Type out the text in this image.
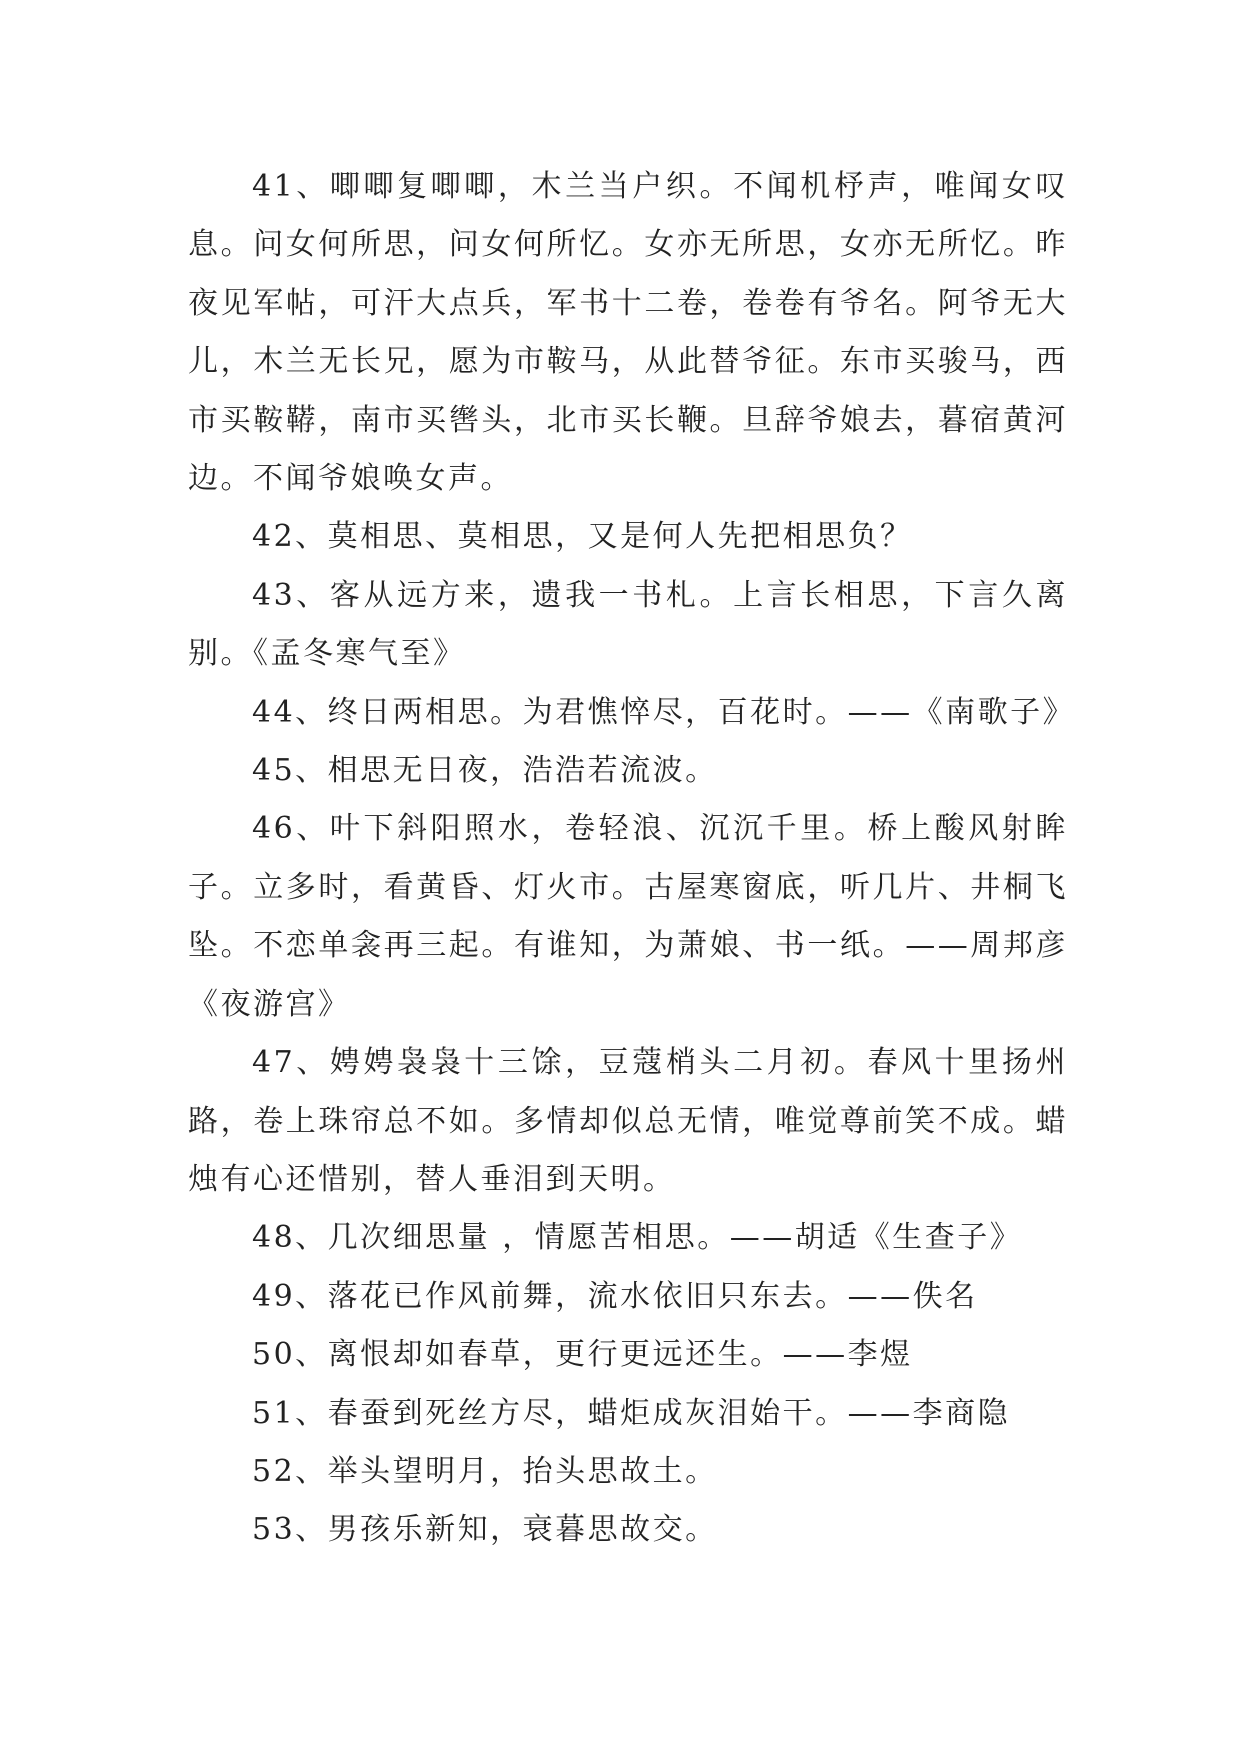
41、唧唧复唧唧，木兰当户织。不闻机杼声，唯闻女叹息。问女何所思，问女何所忆。女亦无所思，女亦无所忆。昨夜见军帖，可汗大点兵，军书十二卷，卷卷有爷名。阿爷无大儿，木兰无长兄，愿为市鞍马，从此替爷征。东市买骏马，西市买鞍鞯，南市买辔头，北市买长鞭。旦辞爷娘去，暮宿黄河边。不闻爷娘唤女声。

42、莫相思、莫相思，又是何人先把相思负？

43、客从远方来，遗我一书札。上言长相思，下言久离别。《孟冬寒气至》

44、终日两相思。为君憔悴尽，百花时。——《南歌子》

45、相思无日夜，浩浩若流波。

46、叶下斜阳照水，卷轻浪、沉沉千里。桥上酸风射眸子。立多时，看黄昏、灯火市。古屋寒窗底，听几片、井桐飞坠。不恋单衾再三起。有谁知，为萧娘、书一纸。——周邦彦《夜游宫》

47、娉娉袅袅十三馀，豆蔻梢头二月初。春风十里扬州路，卷上珠帘总不如。多情却似总无情，唯觉尊前笑不成。蜡烛有心还惜别，替人垂泪到天明。

48、几次细思量 ，情愿苦相思。——胡适《生查子》

49、落花已作风前舞，流水依旧只东去。——佚名

50、离恨却如春草，更行更远还生。——李煜

51、春蚕到死丝方尽，蜡炬成灰泪始干。——李商隐

52、举头望明月，抬头思故土。

53、男孩乐新知，衰暮思故交。
